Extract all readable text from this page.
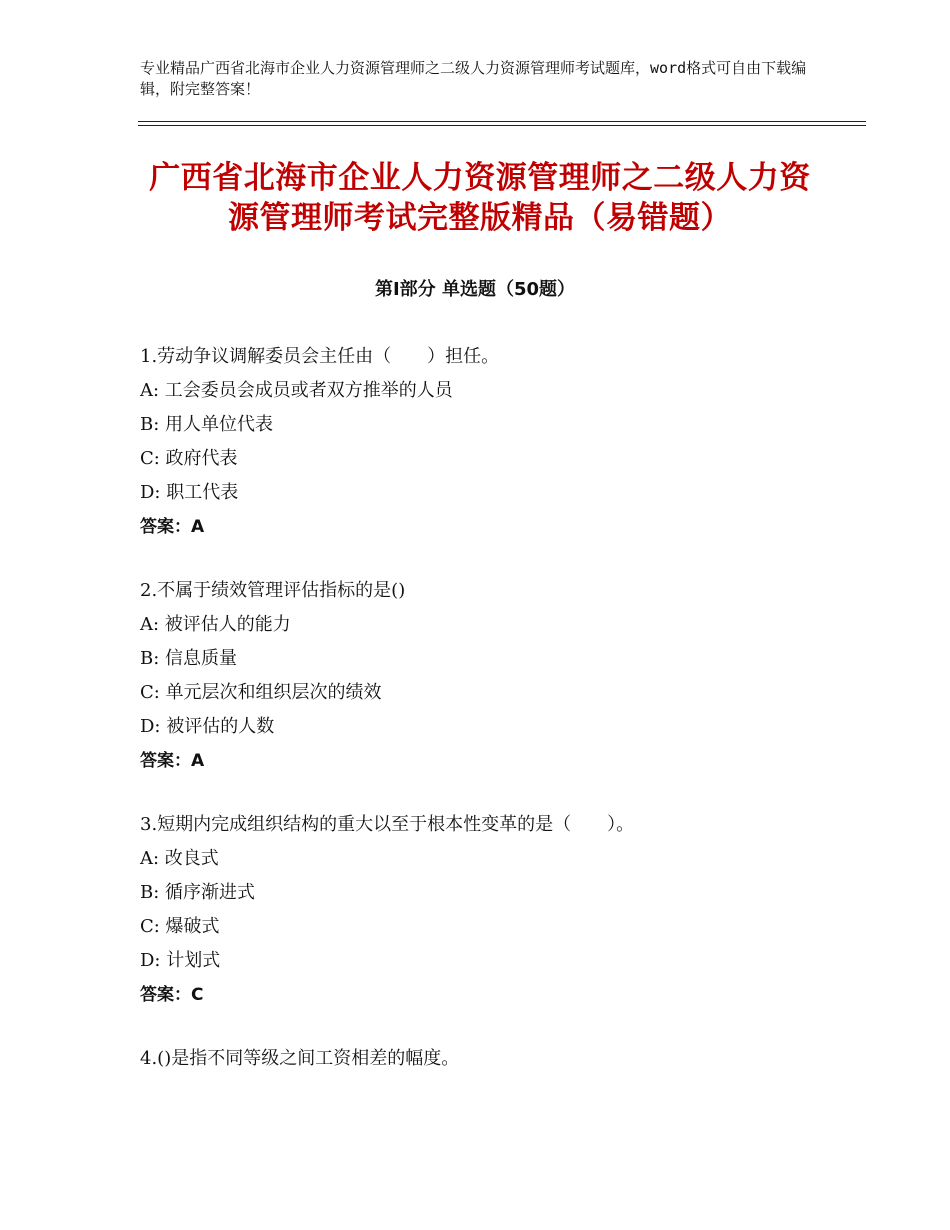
专业精品广西省北海市企业人力资源管理师之二级人力资源管理师考试题库，word格式可自由下载编辑，附完整答案！
广西省北海市企业人力资源管理师之二级人力资源管理师考试完整版精品（易错题）
第Ⅰ部分 单选题（50题）
1.劳动争议调解委员会主任由（　　）担任。
A: 工会委员会成员或者双方推举的人员
B: 用人单位代表
C: 政府代表
D: 职工代表
答案：A
2.不属于绩效管理评估指标的是()
A: 被评估人的能力
B: 信息质量
C: 单元层次和组织层次的绩效
D: 被评估的人数
答案：A
3.短期内完成组织结构的重大以至于根本性变革的是（　　）。
A: 改良式
B: 循序渐进式
C: 爆破式
D: 计划式
答案：C
4.()是指不同等级之间工资相差的幅度。
